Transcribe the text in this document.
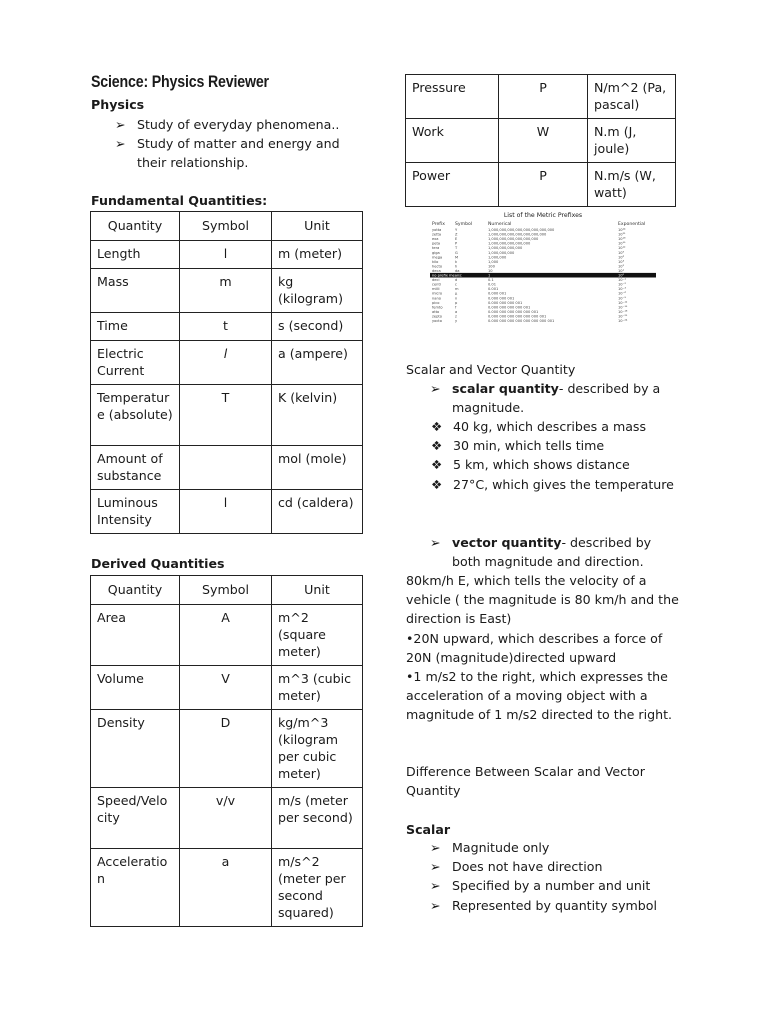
Science: Physics Reviewer
Physics
➢ Study of everyday phenomena..
➢ Study of matter and energy and their relationship.
Fundamental Quantities:
Quantity	Symbol	Unit
Length	l	m (meter)
Mass	m	kg (kilogram)
Time	t	s (second)
Electric Current	l	a (ampere)
Temperature (absolute)	T	K (kelvin)
Amount of substance		mol (mole)
Luminous Intensity	l	cd (caldera)
Derived Quantities
Quantity	Symbol	Unit
Area	A	m^2 (square meter)
Volume	V	m^3 (cubic meter)
Density	D	kg/m^3 (kilogram per cubic meter)
Speed/Velocity	v/v	m/s (meter per second)
Acceleration	a	m/s^2 (meter per second squared)
Pressure	P	N/m^2 (Pa, pascal)
Work	W	N.m (J, joule)
Power	P	N.m/s (W, watt)
List of the Metric Prefixes
Prefix Symbol	Numerical	Exponential
yotta	Y	1,000,000,000,000,000,000,000,000	10²⁴
zetta	Z	1,000,000,000,000,000,000,000	10²¹
exa	E	1,000,000,000,000,000,000	10¹⁸
peta	P	1,000,000,000,000,000	10¹⁵
tera	T	1,000,000,000,000	10¹²
giga	G	1,000,000,000	10⁹
mega	M	1,000,000	10⁶
kilo	k	1,000	10³
hecto	h	100	10²
deca	da	10	10¹
no prefix means:	1	10⁰
deci	d	0.1	10⁻¹
centi	c	0.01	10⁻²
milli	m	0.001	10⁻³
micro	μ	0.000 001	10⁻⁶
nano	n	0.000 000 001	10⁻⁹
pico	p	0.000 000 000 001	10⁻¹²
femto	f	0.000 000 000 000 001	10⁻¹⁵
atto	a	0.000 000 000 000 000 001	10⁻¹⁸
zepto	z	0.000 000 000 000 000 000 001	10⁻²¹
yocto	y	0.000 000 000 000 000 000 000 001	10⁻²⁴
Scalar and Vector Quantity
➢ scalar quantity- described by a magnitude.
❖ 40 kg, which describes a mass
❖ 30 min, which tells time
❖ 5 km, which shows distance
❖ 27°C, which gives the temperature
➢ vector quantity- described by both magnitude and direction.
80km/h E, which tells the velocity of a vehicle ( the magnitude is 80 km/h and the direction is East)
•20N upward, which describes a force of 20N (magnitude)directed upward
•1 m/s2 to the right, which expresses the acceleration of a moving object with a magnitude of 1 m/s2 directed to the right.
Difference Between Scalar and Vector Quantity
Scalar
➢ Magnitude only
➢ Does not have direction
➢ Specified by a number and unit
➢ Represented by quantity symbol
